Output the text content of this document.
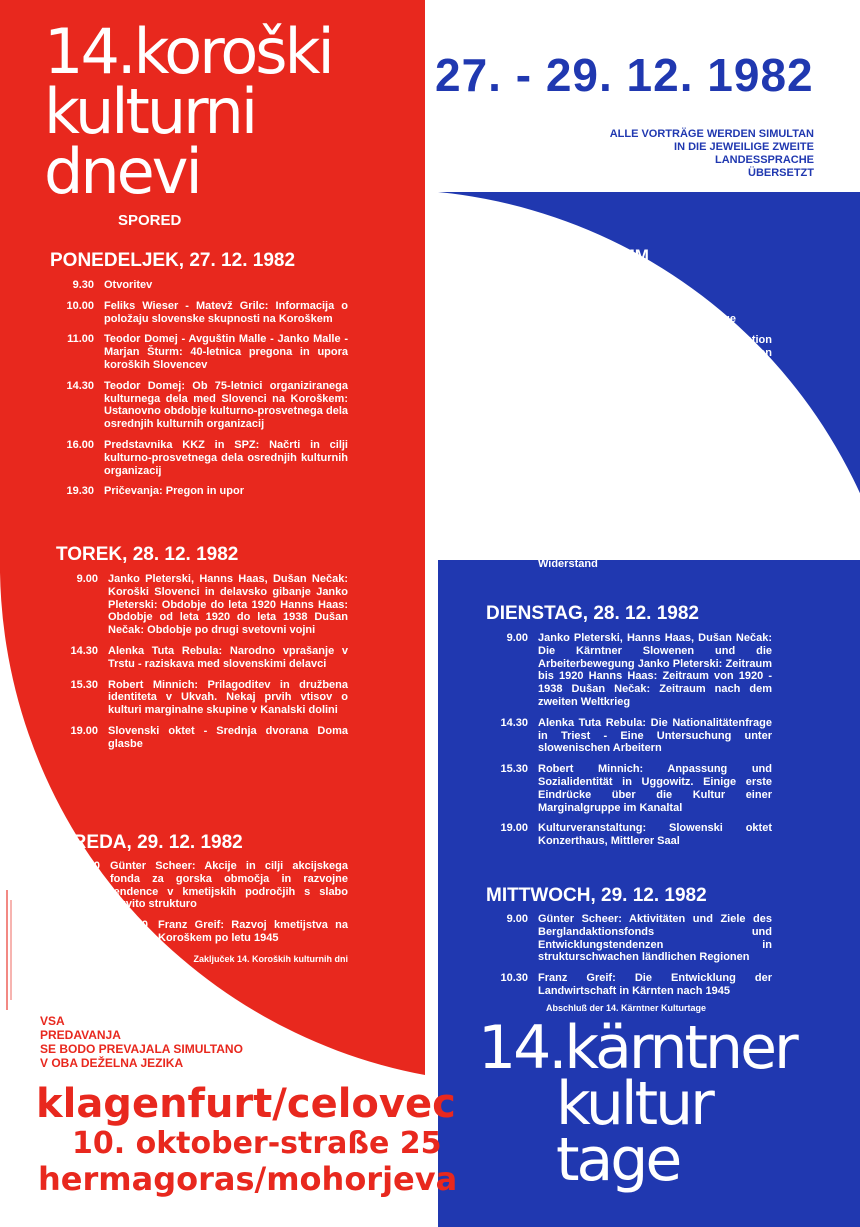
14.koroški
kulturni
dnevi
SPORED
PONEDELJEK, 27. 12. 1982
9.30 Otvoritev
10.00 Feliks Wieser - Matevž Grilc: Informacija o položaju slovenske skupnosti na Koroškem
11.00 Teodor Domej - Avguštin Malle - Janko Malle - Marjan Šturm: 40-letnica pregona in upora koroških Slovencev
14.30 Teodor Domej: Ob 75-letnici organiziranega kulturnega dela med Slovenci na Koroškem: Ustanovno obdobje kulturno-prosvetnega dela osrednjih kulturnih organizacij
16.00 Predstavnika KKZ in SPZ: Načrti in cilji kulturno-prosvetnega dela osrednjih kulturnih organizacij
19.30 Pričevanja: Pregon in upor
TOREK, 28. 12. 1982
9.00 Janko Pleterski, Hanns Haas, Dušan Nečak: Koroški Slovenci in delavsko gibanje Janko Pleterski: Obdobje do leta 1920 Hanns Haas: Obdobje od leta 1920 do leta 1938 Dušan Nečak: Obdobje po drugi svetovni vojni
14.30 Alenka Tuta Rebula: Narodno vprašanje v Trstu - raziskava med slovenskimi delavci
15.30 Robert Minnich: Prilagoditev in družbena identiteta v Ukvah. Nekaj prvih vtisov o kulturi marginalne skupine v Kanalski dolini
19.00 Slovenski oktet - Srednja dvorana Doma glasbe
SREDA, 29. 12. 1982
9.00 Günter Scheer: Akcije in cilji akcijskega fonda za gorska območja in razvojne tendence v kmetijskih področjih s slabo razvito strukturo
10.30 Franz Greif: Razvoj kmetijstva na Koroškem po letu 1945
Zaključek 14. Koroških kulturnih dni
VSA
PREDAVANJA
SE BODO PREVAJALA SIMULTANO
V OBA DEŽELNA JEZIKA
klagenfurt/celovec
10. oktober-straße 25
hermagoras/mohorjeva
27. - 29. 12. 1982
ALLE VORTRÄGE WERDEN SIMULTAN
IN DIE JEWEILIGE ZWEITE
LANDESSPRACHE
ÜBERSETZT
PROGRAMM
MONTAG, 27. 12. 1982
9.30 Eröffnung der 14. Kärntner Kulturtage
10.00 Feliks Wieser - Matevž Grilc: Information über die Lage der slowenischen Volksgruppe in Kärnten
11.00 Teodor Domej - Avguštin Malle - Janko Malle - Marjan Šturm: Vertreibung und Widerstand der Kärntner Slowenen in der Zeit des Dritten Reiches
14.30 Teodor Domej: 75 Jahre zentrale slowenische Kulturorganisationen - Die Gründungsphase der kulturbildnerischen Arbeit bei den Kärntner Slowenen
16.00 Vertreter von SPZ und KKZ: Pläne und Ziele der kulturbildnerischen Arbeit der zentralen Kulturorganisationen
19.30 Erlebnisberichte: Vertreibung und Widerstand
DIENSTAG, 28. 12. 1982
9.00 Janko Pleterski, Hanns Haas, Dušan Nečak: Die Kärntner Slowenen und die Arbeiterbewegung Janko Pleterski: Zeitraum bis 1920 Hanns Haas: Zeitraum von 1920 - 1938 Dušan Nečak: Zeitraum nach dem zweiten Weltkrieg
14.30 Alenka Tuta Rebula: Die Nationalitätenfrage in Triest - Eine Untersuchung unter slowenischen Arbeitern
15.30 Robert Minnich: Anpassung und Sozialidentität in Uggowitz. Einige erste Eindrücke über die Kultur einer Marginalgruppe im Kanaltal
19.00 Kulturveranstaltung: Slowenski oktet Konzerthaus, Mittlerer Saal
MITTWOCH, 29. 12. 1982
9.00 Günter Scheer: Aktivitäten und Ziele des Berglandaktionsfonds und Entwicklungstendenzen in strukturschwachen ländlichen Regionen
10.30 Franz Greif: Die Entwicklung der Landwirtschaft in Kärnten nach 1945
Abschluß der 14. Kärntner Kulturtage
14.kärntner
kultur
tage
